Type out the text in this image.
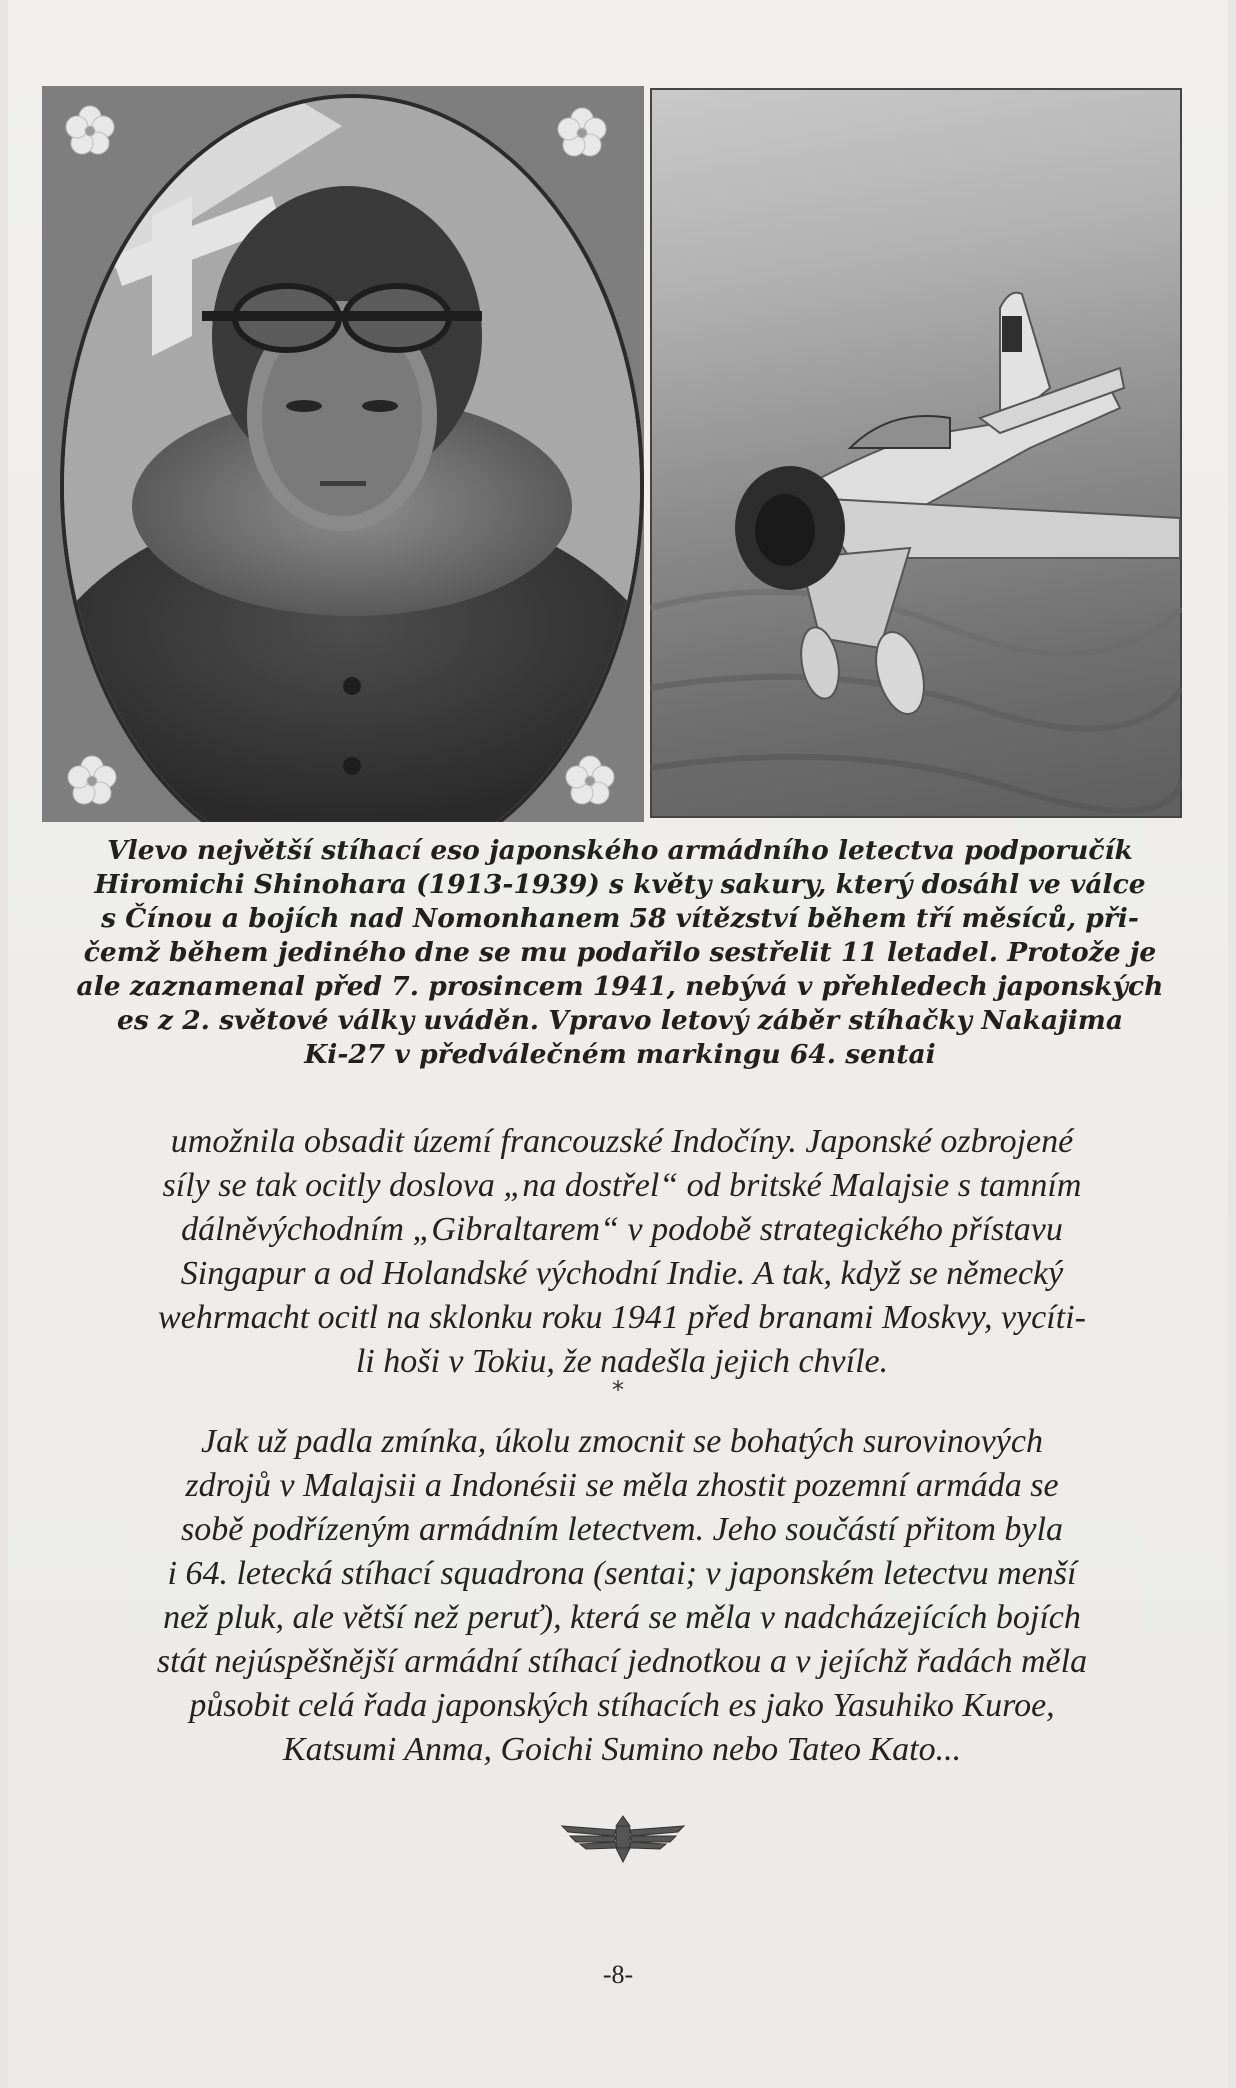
Vlevo největší stíhací eso japonského armádního letectva podporučík
Hiromichi Shinohara (1913-1939) s květy sakury, který dosáhl ve válce
s Čínou a bojích nad Nomonhanem 58 vítězství během tří měsíců, při-
čemž během jediného dne se mu podařilo sestřelit 11 letadel. Protože je
ale zaznamenal před 7. prosincem 1941, nebývá v přehledech japonských
es z 2. světové války uváděn. Vpravo letový záběr stíhačky Nakajima
Ki-27 v předválečném markingu 64. sentai
umožnila obsadit území francouzské Indočíny. Japonské ozbrojené
síly se tak ocitly doslova „na dostřel“ od britské Malajsie s tamním
dálněvýchodním „Gibraltarem“ v podobě strategického přístavu
Singapur a od Holandské východní Indie. A tak, když se německý
wehrmacht ocitl na sklonku roku 1941 před branami Moskvy, vycíti-
li hoši v Tokiu, že nadešla jejich chvíle.
*
Jak už padla zmínka, úkolu zmocnit se bohatých surovinových
zdrojů v Malajsii a Indonésii se měla zhostit pozemní armáda se
sobě podřízeným armádním letectvem. Jeho součástí přitom byla
i 64. letecká stíhací squadrona (sentai; v japonském letectvu menší
než pluk, ale větší než peruť), která se měla v nadcházejících bojích
stát nejúspěšnější armádní stíhací jednotkou a v jejíchž řadách měla
působit celá řada japonských stíhacích es jako Yasuhiko Kuroe,
Katsumi Anma, Goichi Sumino nebo Tateo Kato...
-8-
